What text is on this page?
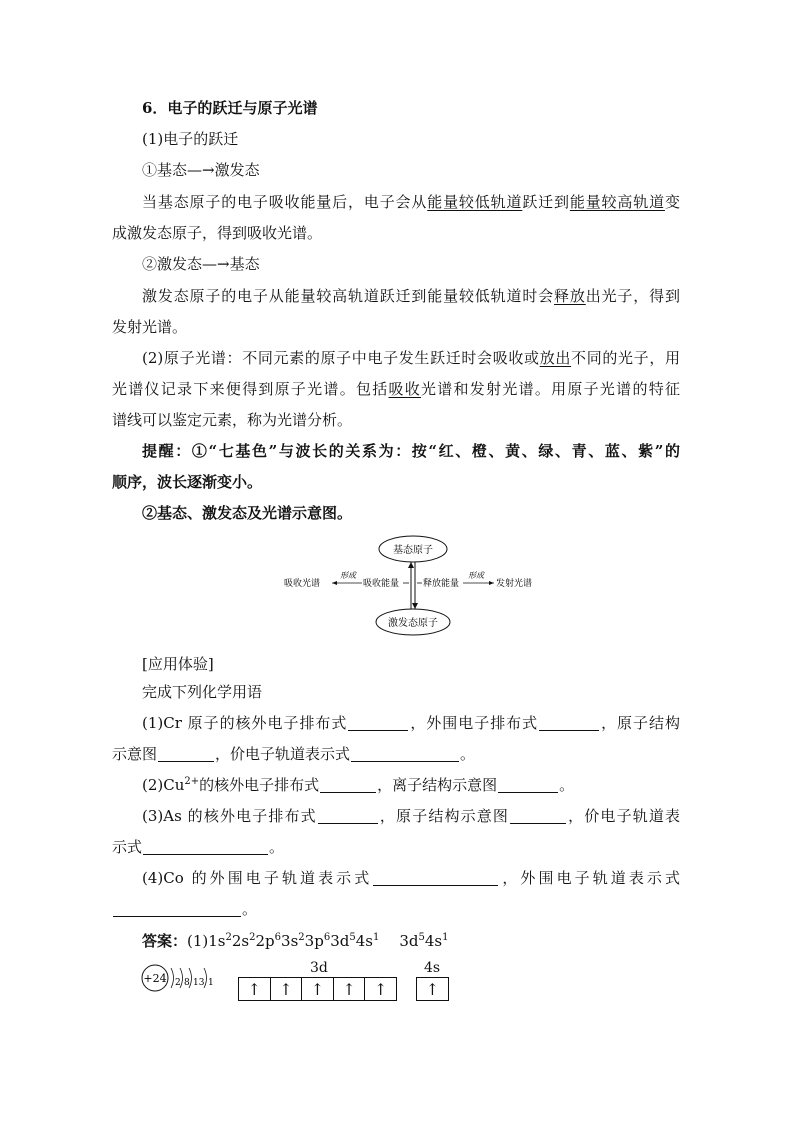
6．电子的跃迁与原子光谱
(1)电子的跃迁
①基态—→激发态
当基态原子的电子吸收能量后，电子会从能量较低轨道跃迁到能量较高轨道变
成激发态原子，得到吸收光谱。
②激发态—→基态
激发态原子的电子从能量较高轨道跃迁到能量较低轨道时会释放出光子，得到
发射光谱。
(2)原子光谱：不同元素的原子中电子发生跃迁时会吸收或放出不同的光子，用
光谱仪记录下来便得到原子光谱。包括吸收光谱和发射光谱。用原子光谱的特征
谱线可以鉴定元素，称为光谱分析。
提醒：①“七基色”与波长的关系为：按“红、橙、黄、绿、青、蓝、紫”的
顺序，波长逐渐变小。
②基态、激发态及光谱示意图。
基态原子
激发态原子
吸收光谱
形成
吸收能量	释放能量
形成
发射光谱
[应用体验]
完成下列化学用语
(1)Cr 原子的核外电子排布式	，外围电子排布式	，原子结构
示意图	，价电子轨道表示式	。
$(2)Cu^{2+}$的核外电子排布式	，离子结构示意图	。
(3)As 的核外电子排布式	，原子结构示意图	，价电子轨道表
示式	。
(4)Co 的外围电子轨道表示式	，外围电子轨道表示式
。
答案：$(1)1s^22s^22p^63s^23p^63d^54s^1$ $3d^54s^1$
+24 2 8 13 1
3d	4s
↑ ↑ ↑ ↑ ↑ ↑
